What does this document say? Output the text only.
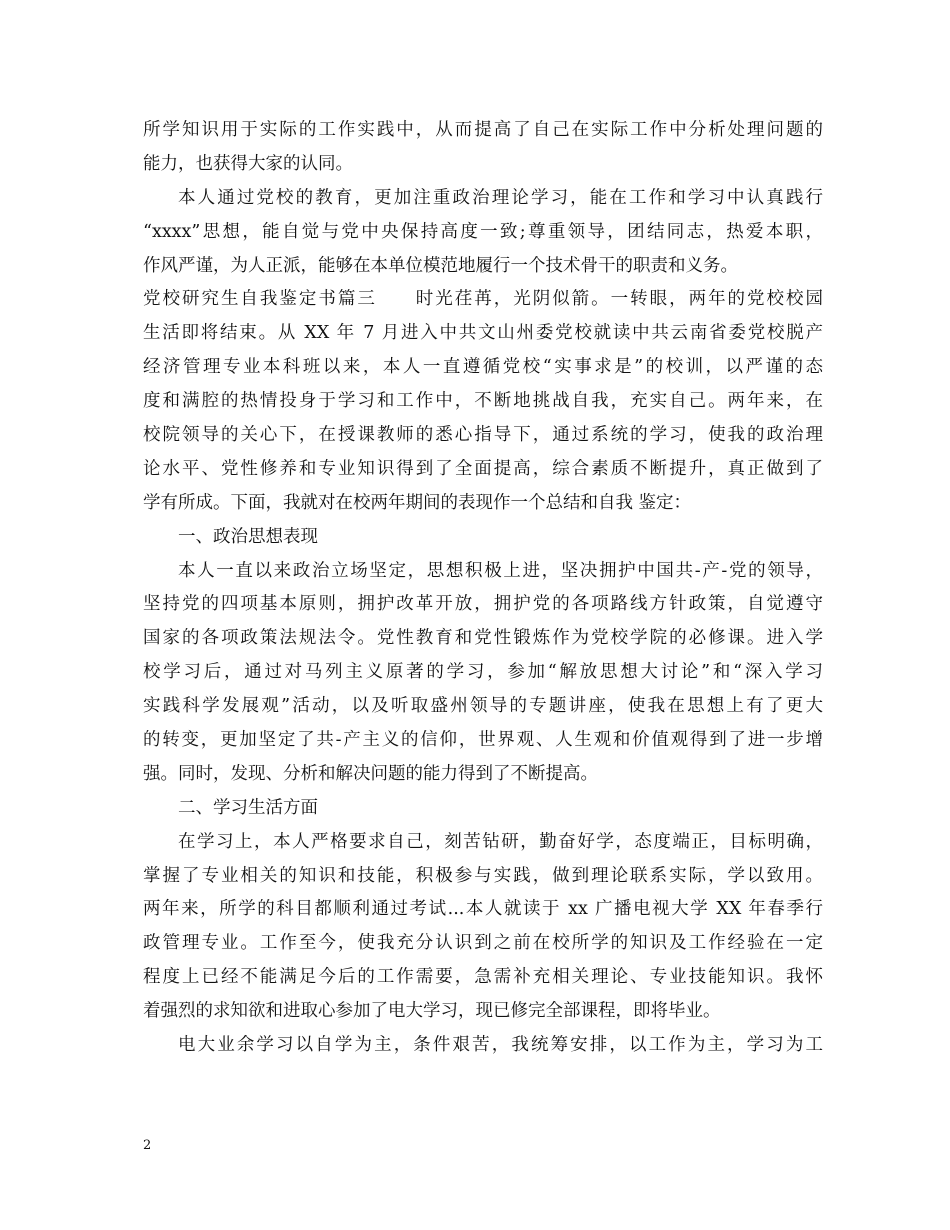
所学知识用于实际的工作实践中，从而提高了自己在实际工作中分析处理问题的
能力，也获得大家的认同。
本人通过党校的教育，更加注重政治理论学习，能在工作和学习中认真践行
“xxxx”思想，能自觉与党中央保持高度一致;尊重领导，团结同志，热爱本职，
作风严谨，为人正派，能够在本单位模范地履行一个技术骨干的职责和义务。
党校研究生自我鉴定书篇三　　时光荏苒，光阴似箭。一转眼，两年的党校校园
生活即将结束。从 XX 年 7 月进入中共文山州委党校就读中共云南省委党校脱产
经济管理专业本科班以来，本人一直遵循党校“实事求是”的校训，以严谨的态
度和满腔的热情投身于学习和工作中，不断地挑战自我，充实自己。两年来，在
校院领导的关心下，在授课教师的悉心指导下，通过系统的学习，使我的政治理
论水平、党性修养和专业知识得到了全面提高，综合素质不断提升，真正做到了
学有所成。下面，我就对在校两年期间的表现作一个总结和自我 鉴定：
一、政治思想表现
本人一直以来政治立场坚定，思想积极上进，坚决拥护中国共-产-党的领导，
坚持党的四项基本原则，拥护改革开放，拥护党的各项路线方针政策，自觉遵守
国家的各项政策法规法令。党性教育和党性锻炼作为党校学院的必修课。进入学
校学习后，通过对马列主义原著的学习，参加“解放思想大讨论”和“深入学习
实践科学发展观”活动，以及听取盛州领导的专题讲座，使我在思想上有了更大
的转变，更加坚定了共-产主义的信仰，世界观、人生观和价值观得到了进一步增
强。同时，发现、分析和解决问题的能力得到了不断提高。
二、学习生活方面
在学习上，本人严格要求自己，刻苦钻研，勤奋好学，态度端正，目标明确，
掌握了专业相关的知识和技能，积极参与实践，做到理论联系实际，学以致用。
两年来，所学的科目都顺利通过考试...本人就读于 xx 广播电视大学 XX 年春季行
政管理专业。工作至今，使我充分认识到之前在校所学的知识及工作经验在一定
程度上已经不能满足今后的工作需要，急需补充相关理论、专业技能知识。我怀
着强烈的求知欲和进取心参加了电大学习，现已修完全部课程，即将毕业。
电大业余学习以自学为主，条件艰苦，我统筹安排，以工作为主，学习为工
2
